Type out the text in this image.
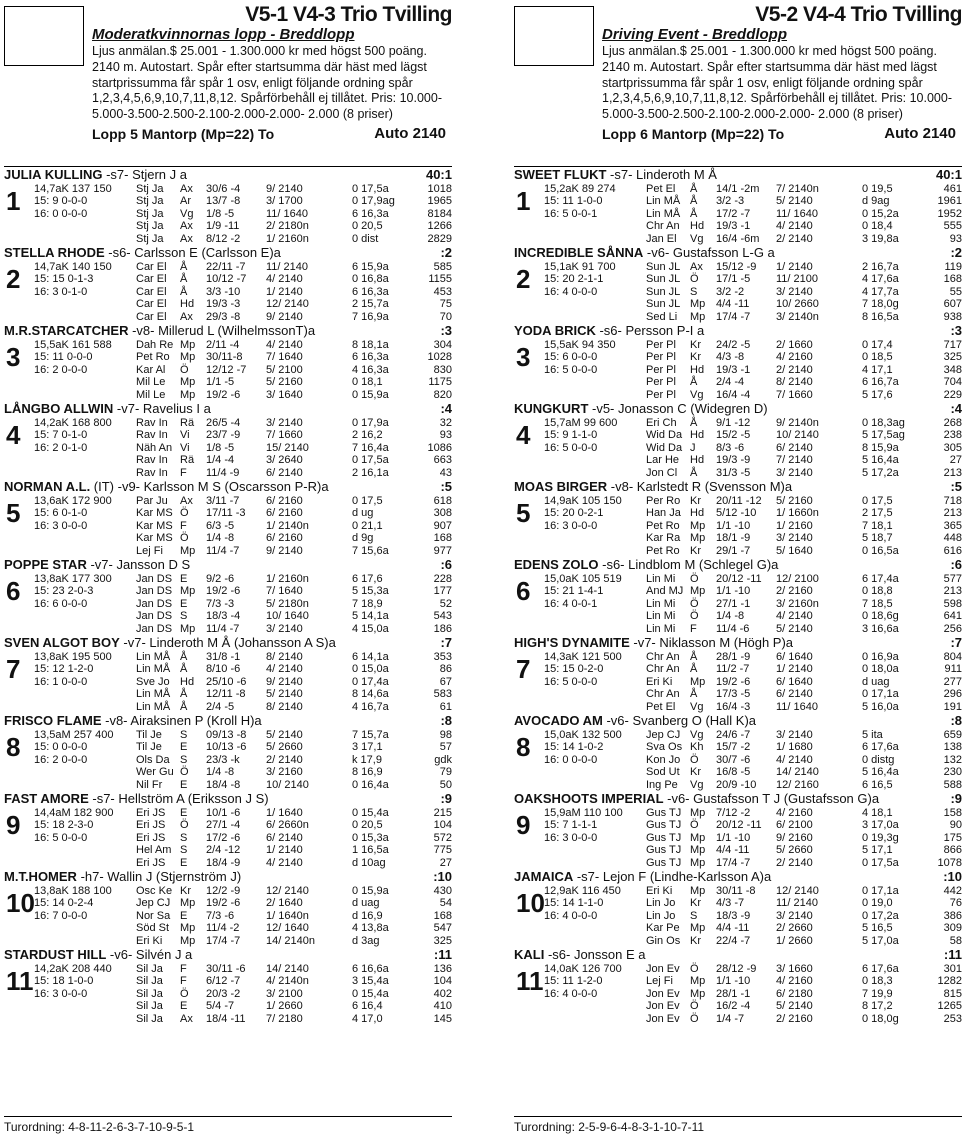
V5-1 V4-3 Trio Tvilling
Moderatkvinnornas lopp - Breddlopp
Ljus anmälan.$ 25.001 - 1.300.000 kr med högst 500 poäng. 2140 m. Autostart. Spår efter startsumma där häst med lägst startprissumma får spår 1 osv, enligt följande ordning spår 1,2,3,4,5,6,9,10,7,11,8,12. Spårförbehåll ej tillåtet. Pris: 10.000-5.000-3.500-2.500-2.100-2.000-2.000- 2.000 (8 priser)
Lopp 5 Mantorp (Mp=22) To	Auto 2140
JULIA KULLING -s7- Stjern J a	40:1
1 14,7aK 137 150
15: 9 0-0-0
16: 0 0-0-0
Stj Ja	Ax	30/6 -4	9/ 2140	0 17,5a	1018
Stj Ja	Ar	13/7 -8	3/ 1700	0 17,9ag	1965
Stj Ja	Vg	1/8 -5	11/ 1640	6 16,3a	8184
Stj Ja	Ax	1/9 -11	2/ 2180n	0 20,5	1266
Stj Ja	Ax	8/12 -2	1/ 2160n	0 dist	2829
STELLA RHODE -s6- Carlsson E (Carlsson E)a	:2
2 14,7aK 140 150
15: 15 0-1-3
16: 3 0-1-0
Car El	Å	22/11 -7	11/ 2140	6 15,9a	585
Car El	Å	10/12 -7	4/ 2140	0 16,8a	1155
Car El	Å	3/3 -10	1/ 2140	6 16,3a	453
Car El	Hd	19/3 -3	12/ 2140	2 15,7a	75
Car El	Ax	29/3 -8	9/ 2140	7 16,9a	70
M.R.STARCATCHER -v8- Millerud L (WilhelmssonT)a	:3
3 15,5aK 161 588
15: 11 0-0-0
16: 2 0-0-0
Dah Re Mp 2/11 -4	4/ 2140	8 18,1a	304
Pet Ro Mp 30/11-8	7/ 1640	6 16,3a	1028
Kar Al	Ö	12/12 -7	5/ 2100	4 16,3a	830
Mil Le	Mp 1/1 -5	5/ 2160	0 18,1	1175
Mil Le	Mp 19/2 -6	3/ 1640	0 15,9a	820
LÅNGBO ALLWIN -v7- Ravelius I a	:4
4 14,2aK 168 800
15: 7 0-1-0
16: 2 0-1-0
Rav In	Rä	26/5 -4	3/ 2140	0 17,9a	32
Rav In	Vi	23/7 -9	7/ 1660	2 16,2	93
Näh An Vi	1/8 -5	15/ 2140	7 16,4a	1086
Rav In	Rä	1/4 -4	3/ 2640	0 17,5a	663
Rav In	F	11/4 -9	6/ 2140	2 16,1a	43
NORMAN A.L. (IT) -v9- Karlsson M S (Oscarsson P-R)a	:5
5 13,6aK 172 900
15: 6 0-1-0
16: 3 0-0-0
Par Ju	Ax	3/11 -7	6/ 2160	0 17,5	618
Kar MS Ö	17/11 -3	6/ 2160	d ug	308
Kar MS F	6/3 -5	1/ 2140n	0 21,1	907
Kar MS Ö	1/4 -8	6/ 2160	d 9g	168
Lej Fi	Mp 11/4 -7	9/ 2140	7 15,6a	977
POPPE STAR -v7- Jansson D S	:6
6 13,8aK 177 300
15: 23 2-0-3
16: 6 0-0-0
Jan DS E	9/2 -6	1/ 2160n	6 17,6	228
Jan DS Mp 19/2 -6	7/ 1640	5 15,3a	177
Jan DS E	7/3 -3	5/ 2180n	7 18,9	52
Jan DS S	18/3 -4	10/ 1640	5 14,1a	543
Jan DS Mp 11/4 -7	3/ 2140	4 15,0a	186
SVEN ALGOT BOY -v7- Linderoth M Å (Johansson A S)a	:7
7 13,8aK 195 500
15: 12 1-2-0
16: 1 0-0-0
Lin MÅ Å	31/8 -1	8/ 2140	6 14,1a	353
Lin MÅ Å	8/10 -6	4/ 2140	0 15,0a	86
Sve Jo Hd	25/10 -6	9/ 2140	0 17,4a	67
Lin MÅ Å	12/11 -8	5/ 2140	8 14,6a	583
Lin MÅ Å	2/4 -5	8/ 2140	4 16,7a	61
FRISCO FLAME -v8- Airaksinen P (Kroll H)a	:8
8 13,5aM 257 400
15: 0 0-0-0
16: 2 0-0-0
Til Je	S	09/13 -8	5/ 2140	7 15,7a	98
Til Je	E	10/13 -6	5/ 2660	3 17,1	57
Ols Da S	23/3 -k	2/ 2140	k 17,9	gdk
Wer Gu Ö	1/4 -8	3/ 2160	8 16,9	79
Nil Fr	E	18/4 -8	10/ 2140	0 16,4a	50
FAST AMORE -s7- Hellström A (Eriksson J S)	:9
9 14,4aM 182 900
15: 18 2-3-0
16: 5 0-0-0
Eri JS	E	10/1 -6	1/ 1640	0 15,4a	215
Eri JS	Ö	27/1 -4	6/ 2660n	0 20,5	104
Eri JS	S	17/2 -6	6/ 2140	0 15,3a	572
Hel Am S	2/4 -12	1/ 2140	1 16,5a	775
Eri JS	E	18/4 -9	4/ 2140	d 10ag	27
M.T.HOMER -h7- Wallin J (Stjernström J)	:10
10 13,8aK 188 100
15: 14 0-2-4
16: 7 0-0-0
Osc Ke Kr	12/2 -9	12/ 2140	0 15,9a	430
Jep CJ Mp 19/2 -6	2/ 1640	d uag	54
Nor Sa E	7/3 -6	1/ 1640n	d 16,9	168
Söd St Mp 11/4 -2	12/ 1640	4 13,8a	547
Eri Ki	Mp 17/4 -7	14/ 2140n	d 3ag	325
STARDUST HILL -v6- Silvén J a	:11
11 14,2aK 208 440
15: 18 1-0-0
16: 3 0-0-0
Sil Ja	F	30/11 -6	14/ 2140	6 16,6a	136
Sil Ja	F	6/12 -7	4/ 2140n	3 15,4a	104
Sil Ja	Ö	20/3 -2	3/ 2100	0 15,4a	402
Sil Ja	E	5/4 -7	1/ 2660	6 16,4	410
Sil Ja	Ax	18/4 -11	7/ 2180	4 17,0	145
V5-2 V4-4 Trio Tvilling
Driving Event - Breddlopp
Ljus anmälan.$ 25.001 - 1.300.000 kr med högst 500 poäng. 2140 m. Autostart. Spår efter startsumma där häst med lägst startprissumma får spår 1 osv, enligt följande ordning spår 1,2,3,4,5,6,9,10,7,11,8,12. Spårförbehåll ej tillåtet. Pris: 10.000-5.000-3.500-2.500-2.100-2.000-2.000- 2.000 (8 priser)
Lopp 6 Mantorp (Mp=22) To	Auto 2140
SWEET FLUKT -s7- Linderoth M Å	40:1
1 15,2aK 89 274
15: 11 1-0-0
16: 5 0-0-1
Pet El	Å	14/1 -2m	7/ 2140n	0 19,5	461
Lin MÅ Å	3/2 -3	5/ 2140	d 9ag	1961
Lin MÅ Å	17/2 -7	11/ 1640	0 15,2a	1952
Chr An Hd	19/3 -1	4/ 2140	0 18,4	555
Jan El	Vg	16/4 -6m	2/ 2140	3 19,8a	93
INCREDIBLE SÅNNA -v6- Gustafsson L-G a	:2
2 15,1aK 91 700
15: 20 2-1-1
16: 4 0-0-0
Sun JL Ax	15/12 -9	1/ 2140	2 16,7a	119
Sun JL Ö	17/1 -5	11/ 2100	4 17,6a	168
Sun JL S	3/2 -2	3/ 2140	4 17,7a	55
Sun JL Mp 4/4 -11	10/ 2660	7 18,0g	607
Sed Li	Mp 17/4 -7	3/ 2140n	8 16,5a	938
YODA BRICK -s6- Persson P-I a	:3
3 15,5aK 94 350
15: 6 0-0-0
16: 5 0-0-0
Per Pl	Kr	24/2 -5	2/ 1660	0 17,4	717
Per Pl	Kr	4/3 -8	4/ 2160	0 18,5	325
Per Pl	Hd	19/3 -1	2/ 2140	4 17,1	348
Per Pl	Å	2/4 -4	8/ 2140	6 16,7a	704
Per Pl	Vg	16/4 -4	7/ 1660	5 17,6	229
KUNGKURT -v5- Jonasson C (Widegren D)	:4
4 15,7aM 99 600
15: 9 1-1-0
16: 5 0-0-0
Eri Ch	Å	9/1 -12	9/ 2140n	0 18,3ag	268
Wid Da Hd	15/2 -5	10/ 2140	5 17,5ag	238
Wid Da J	8/3 -6	6/ 2140	8 15,9a	305
Lar He Hd	19/3 -9	7/ 2140	5 16,4a	27
Jon Cl	Å	31/3 -5	3/ 2140	5 17,2a	213
MOAS BIRGER -v8- Karlstedt R (Svensson M)a	:5
5 14,9aK 105 150
15: 20 0-2-1
16: 3 0-0-0
Per Ro Kr	20/11 -12	5/ 2160	0 17,5	718
Han Ja Hd	5/12 -10	1/ 1660n	2 17,5	213
Pet Ro Mp 1/1 -10	1/ 2160	7 18,1	365
Kar Ra Mp 18/1 -9	3/ 2140	5 18,7	448
Pet Ro Kr	29/1 -7	5/ 1640	0 16,5a	616
EDENS ZOLO -s6- Lindblom M (Schlegel G)a	:6
6 15,0aK 105 519
15: 21 1-4-1
16: 4 0-0-1
Lin Mi	Ö	20/12 -11	12/ 2100	6 17,4a	577
And MJ Mp 1/1 -10	2/ 2160	0 18,8	213
Lin Mi	Ö	27/1 -1	3/ 2160n	7 18,5	598
Lin Mi	Ö	1/4 -8	4/ 2140	0 18,6g	641
Lin Mi	F	11/4 -6	5/ 2140	3 16,6a	256
HIGH'S DYNAMITE -v7- Niklasson M (Högh P)a	:7
7 14,3aK 121 500
15: 15 0-2-0
16: 5 0-0-0
Chr An Å	28/1 -9	6/ 1640	0 16,9a	804
Chr An Å	11/2 -7	1/ 2140	0 18,0a	911
Eri Ki	Mp 19/2 -6	6/ 1640	d uag	277
Chr An Å	17/3 -5	6/ 2140	0 17,1a	296
Pet El	Vg	16/4 -3	11/ 1640	5 16,0a	191
AVOCADO AM -v6- Svanberg O (Hall K)a	:8
8 15,0aK 132 500
15: 14 1-0-2
16: 0 0-0-0
Jep CJ Vg	24/6 -7	3/ 2140	5 ita	659
Sva Os Kh	15/7 -2	1/ 1680	6 17,6a	138
Kon Jo Ö	30/7 -6	4/ 2140	0 distg	132
Sod Ut Kr	16/8 -5	14/ 2140	5 16,4a	230
Ing Pe	Vg	20/9 -10	12/ 2160	6 16,5	588
OAKSHOOTS IMPERIAL -v6- Gustafsson T J (Gustafsson G)a	:9
9 15,9aM 110 100
15: 7 1-1-1
16: 3 0-0-0
Gus TJ Mp 7/12 -2	4/ 2160	4 18,1	158
Gus TJ Ö	20/12 -11	6/ 2100	3 17,0a	90
Gus TJ Mp 1/1 -10	9/ 2160	0 19,3g	175
Gus TJ Mp 4/4 -11	5/ 2660	5 17,1	866
Gus TJ Mp 17/4 -7	2/ 2140	0 17,5a	1078
JAMAICA -s7- Lejon F (Lindhe-Karlsson A)a	:10
10 12,9aK 116 450
15: 14 1-1-0
16: 4 0-0-0
Eri Ki	Mp 30/11 -8	12/ 2140	0 17,1a	442
Lin Jo	Kr	4/3 -7	11/ 2140	0 19,0	76
Lin Jo	S	18/3 -9	3/ 2140	0 17,2a	386
Kar Pe Mp 4/4 -11	2/ 2660	5 16,5	309
Gin Os Kr	22/4 -7	1/ 2660	5 17,0a	58
KALI -s6- Jonsson E a	:11
11 14,0aK 126 700
15: 11 1-2-0
16: 4 0-0-0
Jon Ev Ö	28/12 -9	3/ 1660	6 17,6a	301
Lej Fi	Mp 1/1 -10	4/ 2160	0 18,3	1282
Jon Ev Mp 28/1 -1	6/ 2180	7 19,9	815
Jon Ev Ö	16/2 -4	5/ 2140	8 17,2	1265
Jon Ev Ö	1/4 -7	2/ 2160	0 18,0g	253
Turordning: 4-8-11-2-6-3-7-10-9-5-1	Turordning: 2-5-9-6-4-8-3-1-10-7-11
